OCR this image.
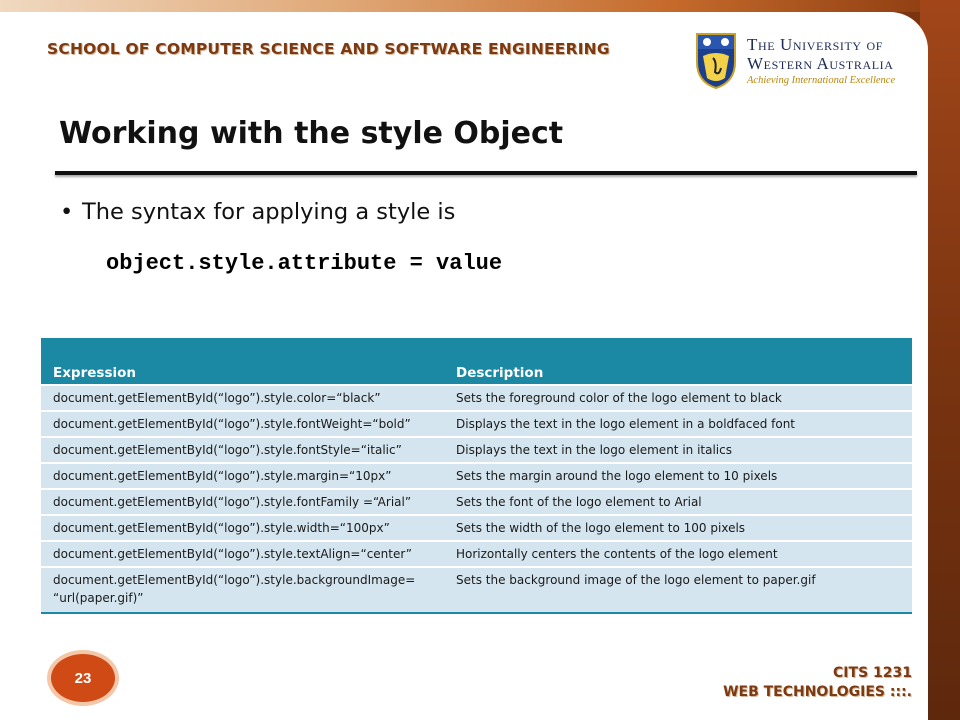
SCHOOL OF COMPUTER SCIENCE AND SOFTWARE ENGINEERING	The University of
Western Australia
Achieving International Excellence
Working with the style Object
• The syntax for applying a style is
object.style.attribute = value
Expression	Description
document.getElementById(“logo”).style.color=“black”	Sets the foreground color of the logo element to black
document.getElementById(“logo”).style.fontWeight=“bold”	Displays the text in the logo element in a boldfaced font
document.getElementById(“logo”).style.fontStyle=“italic”	Displays the text in the logo element in italics
document.getElementById(“logo”).style.margin=“10px”	Sets the margin around the logo element to 10 pixels
document.getElementById(“logo”).style.fontFamily =“Arial”	Sets the font of the logo element to Arial
document.getElementById(“logo”).style.width=“100px”	Sets the width of the logo element to 100 pixels
document.getElementById(“logo”).style.textAlign=“center”	Horizontally centers the contents of the logo element
document.getElementById(“logo”).style.backgroundImage=
“url(paper.gif)”	Sets the background image of the logo element to paper.gif
23	CITS 1231
WEB TECHNOLOGIES :::.
